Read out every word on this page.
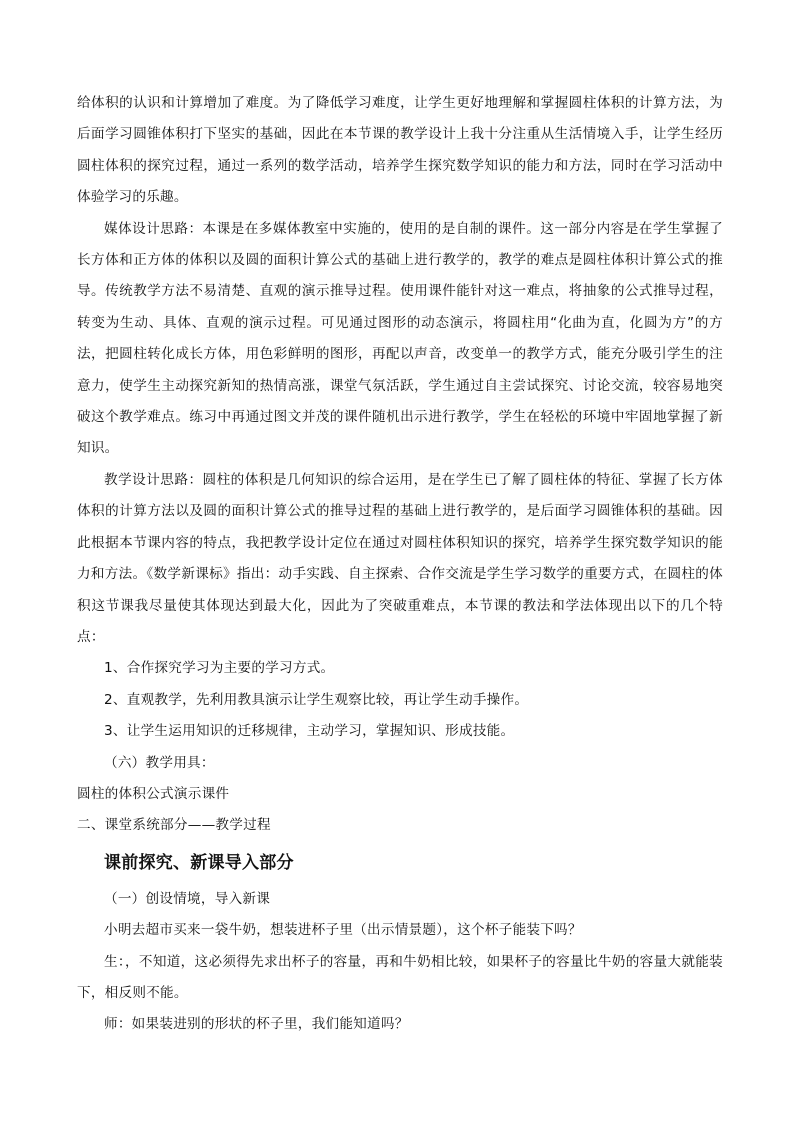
给体积的认识和计算增加了难度。为了降低学习难度，让学生更好地理解和掌握圆柱体积的计算方法，为后面学习圆锥体积打下坚实的基础，因此在本节课的教学设计上我十分注重从生活情境入手，让学生经历圆柱体积的探究过程，通过一系列的数学活动，培养学生探究数学知识的能力和方法，同时在学习活动中体验学习的乐趣。

媒体设计思路：本课是在多媒体教室中实施的，使用的是自制的课件。这一部分内容是在学生掌握了长方体和正方体的体积以及圆的面积计算公式的基础上进行教学的，教学的难点是圆柱体积计算公式的推导。传统教学方法不易清楚、直观的演示推导过程。使用课件能针对这一难点，将抽象的公式推导过程，转变为生动、具体、直观的演示过程。可见通过图形的动态演示，将圆柱用“化曲为直，化圆为方”的方法，把圆柱转化成长方体，用色彩鲜明的图形，再配以声音，改变单一的教学方式，能充分吸引学生的注意力，使学生主动探究新知的热情高涨，课堂气氛活跃，学生通过自主尝试探究、讨论交流，较容易地突破这个教学难点。练习中再通过图文并茂的课件随机出示进行教学，学生在轻松的环境中牢固地掌握了新知识。

教学设计思路：圆柱的体积是几何知识的综合运用，是在学生已了解了圆柱体的特征、掌握了长方体体积的计算方法以及圆的面积计算公式的推导过程的基础上进行教学的，是后面学习圆锥体积的基础。因此根据本节课内容的特点，我把教学设计定位在通过对圆柱体积知识的探究，培养学生探究数学知识的能力和方法。《数学新课标》指出：动手实践、自主探索、合作交流是学生学习数学的重要方式，在圆柱的体积这节课我尽量使其体现达到最大化，因此为了突破重难点，本节课的教法和学法体现出以下的几个特点：

1、合作探究学习为主要的学习方式。

2、直观教学，先利用教具演示让学生观察比较，再让学生动手操作。

3、让学生运用知识的迁移规律，主动学习，掌握知识、形成技能。

（六）教学用具：

圆柱的体积公式演示课件

二、课堂系统部分——教学过程

课前探究、新课导入部分

（一）创设情境，导入新课

小明去超市买来一袋牛奶，想装进杯子里（出示情景题），这个杯子能装下吗？

生：，不知道，这必须得先求出杯子的容量，再和牛奶相比较，如果杯子的容量比牛奶的容量大就能装下，相反则不能。

师：如果装进别的形状的杯子里，我们能知道吗？
